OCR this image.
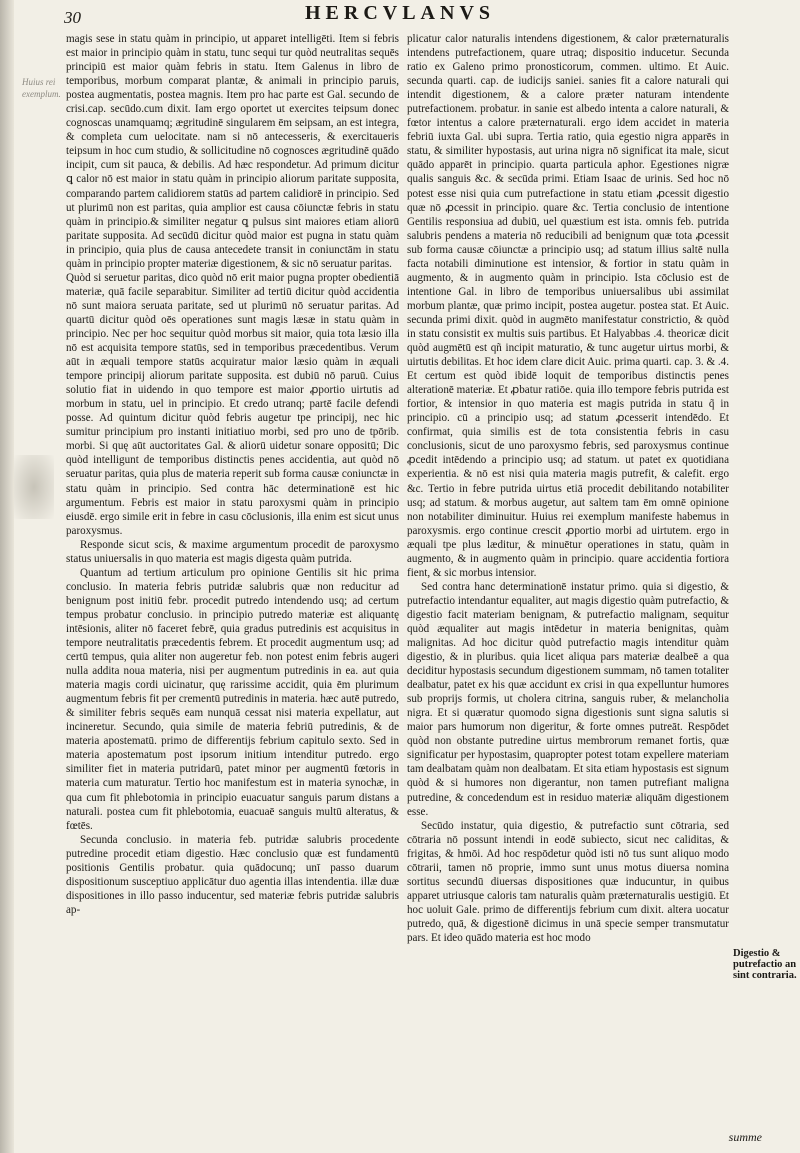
30	HERCVLANVS
Huius rei exemplum.

magis sese in statu quàm in principio, ut apparet intelligēti. Item si febris est maior in principio quàm in statu, tunc sequi tur quòd neutralitas sequēs principiū est maior quàm febris in statu. Item Galenus in libro de temporibus, morbum comparat plantæ, & animali in principio paruis, postea augmentatis, postea magnis. Item pro hac parte est Gal. secundo de crisi.cap. secūdo.cum dixit. Iam ergo oportet ut exercites teipsum donec cognoscas unamquamq; ægritudinē singularem ēm seipsam, an est integra, & completa cum uelocitate. nam si nō antecesseris, & exercitaueris teipsum in hoc cum studio, & sollicitudine nō cognosces ægritudinē quādo incipit, cum sit pauca, & debilis. Ad hæc respondetur. Ad primum dicitur ꝗ calor nō est maior in statu quàm in principio aliorum paritate supposita, comparando partem calidiorem statūs ad partem calidiorē in principio. Sed ut plurimū non est paritas, quia amplior est causa cōiunctæ febris in statu quàm in principio.& similiter negatur ꝗ pulsus sint maiores etiam aliorū paritate supposita. Ad secūdū dicitur quòd maior est pugna in statu quàm in principio, quia plus de causa antecedete transit in coniunctām in statu quàm in principio propter materiæ digestionem, & sic nō seruatur paritas.

Quòd si seruetur paritas, dico quòd nō erit maior pugna propter obedientiā materiæ, quā facile separabitur. Similiter ad tertiū dicitur quòd accidentia nō sunt maiora seruata paritate, sed ut plurimū nō seruatur paritas. Ad quartū dicitur quòd oēs operationes sunt magis læsæ in statu quàm in principio. Nec per hoc sequitur quòd morbus sit maior, quia tota læsio illa nō est acquisita tempore statūs, sed in temporibus præcedentibus. Verum aūt in æquali tempore statūs acquiratur maior læsio quàm in æquali tempore principij aliorum paritate supposita. est dubiū nō paruū. Cuius solutio fiat in uidendo in quo tempore est maior ꝓportio uirtutis ad morbum in statu, uel in principio. Et credo utranq; partē facile defendi posse. Ad quintum dicitur quòd febris augetur tpe principij, nec hic sumitur principium pro instanti initiatiuo morbi, sed pro uno de tpōrib. morbi. Si quę aūt auctoritates Gal. & aliorū uidetur sonare oppositū; Dic quòd intelligunt de temporibus distinctis penes accidentia, aut quòd nō seruatur paritas, quia plus de materia reperit sub forma causæ coniunctæ in statu quàm in principio. Sed contra hāc determinationē est hic argumentum. Febris est maior in statu paroxysmi quàm in principio eiusdē. ergo simile erit in febre in casu cōclusionis, illa enim est sicut unus paroxysmus.

Responde sicut scis, & maxime argumentum procedit de paroxysmo status uniuersalis in quo materia est magis digesta quàm putrida.

Quantum ad tertium articulum pro opinione Gentilis sit hic prima conclusio. In materia febris putridæ salubris quæ non reducitur ad benignum post initiū febr. procedit putredo intendendo usq; ad certum tempus probatur conclusio. in principio putredo materiæ est aliquantę intēsionis, aliter nō faceret febrē, quia gradus putredinis est acquisitus in tempore neutralitatis præcedentis febrem. Et procedit augmentum usq; ad certū tempus, quia aliter non augeretur feb. non potest enim febris augeri nulla addita noua materia, nisi per augmentum putredinis in ea. aut quia materia magis cordi uicinatur, quę rarissime accidit, quia ēm plurimum augmentum febris fit per crementū putredinis in materia. hæc autē putredo, & similiter febris sequēs eam nunquā cessat nisi materia expellatur, aut incineretur. Secundo, quia simile de materia febriū putredinis, & de materia apostematū. primo de differentijs febrium capitulo sexto. Sed in materia apostematum post ipsorum initium intenditur putredo. ergo similiter fiet in materia putridarū, patet minor per augmentū fœtoris in materia cum maturatur. Tertio hoc manifestum est in materia synochæ, in qua cum fit phlebotomia in principio euacuatur sanguis parum distans a naturali. postea cum fit phlebotomia, euacuaē sanguis multū alteratus, & fœtēs.

Secunda conclusio. in materia feb. putridæ salubris procedente putredine procedit etiam digestio. Hæc conclusio quæ est fundamentū positionis Gentilis probatur. quia quādocunq; unī passo duarum dispositionum susceptiuo applicātur duo agentia illas intendentia. illæ duæ dispositiones in illo passo inducentur, sed materiæ febris putridæ salubris ap-

plicatur calor naturalis intendens digestionem, & calor præternaturalis intendens putrefactionem, quare utraq; dispositio inducetur. Secunda ratio ex Galeno primo pronosticorum, commen. ultimo. Et Auic. secunda quarti. cap. de iudicijs saniei. sanies fit a calore naturali qui intendit digestionem, & a calore præter naturam intendente putrefactionem. probatur. in sanie est albedo intenta a calore naturali, & fœtor intentus a calore præternaturali. ergo idem accidet in materia febriū iuxta Gal. ubi supra. Tertia ratio, quia egestio nigra apparēs in statu, & similiter hypostasis, aut urina nigra nō significat ita male, sicut quādo apparēt in principio. quarta particula aphor. Egestiones nigræ qualis sanguis &c. & secūda primi. Etiam Isaac de urinis. Sed hoc nō potest esse nisi quia cum putrefactione in statu etiam ꝓcessit digestio quæ nō ꝓcessit in principio. quare &c. Tertia conclusio de intentione Gentilis responsiua ad dubiū, uel quæstium est ista. omnis feb. putrida salubris pendens a materia nō reducibili ad benignum quæ tota ꝓcessit sub forma causæ cōiunctæ a principio usq; ad statum illius saltē nulla facta notabili diminutione est intensior, & fortior in statu quàm in augmento, & in augmento quàm in principio. Ista cōclusio est de intentione Gal. in libro de temporibus uniuersalibus ubi assimilat morbum plantæ, quæ primo incipit, postea augetur. postea stat. Et Auic. secunda primi dixit. quòd in augmēto manifestatur constrictio, & quòd in statu consistit ex multis suis partibus. Et Halyabbas .4. theoricæ dicit quòd augmētū est qñ incipit maturatio, & tunc augetur uirtus morbi, & uirtutis debilitas. Et hoc idem clare dicit Auic. prima quarti. cap. 3. & .4. Et certum est quòd ibidē loquit de temporibus distinctis penes alterationē materiæ. Et ꝓbatur ratiōe. quia illo tempore febris putrida est fortior, & intensior in quo materia est magis putrida in statu q̃ in principio. cū a principio usq; ad statum ꝓcesserit intendēdo. Et confirmat, quia similis est de tota consistentia febris in casu conclusionis, sicut de uno paroxysmo febris, sed paroxysmus continue ꝓcedit intēdendo a principio usq; ad statum. ut patet ex quotidiana experientia. & nō est nisi quia materia magis putrefit, & calefit. ergo &c. Tertio in febre putrida uirtus etiā procedit debilitando notabiliter usq; ad statum. & morbus augetur, aut saltem tam ēm omnē opinione non notabiliter diminuitur. Huius rei exemplum manifeste habemus in paroxysmis. ergo continue crescit ꝓportio morbi ad uirtutem. ergo in æquali tpe plus læditur, & minuētur operationes in statu, quàm in augmento, & in augmento quàm in principio. quare accidentia fortiora fient, & sic morbus intensior.

Sed contra hanc determinationē instatur primo. quia si digestio, & putrefactio intendantur equaliter, aut magis digestio quàm putrefactio, & digestio facit materiam benignam, & putrefactio malignam, sequitur quòd æqualiter aut magis intēdetur in materia benignitas, quàm malignitas. Ad hoc dicitur quòd putrefactio magis intenditur quàm digestio, & in pluribus. quia licet aliqua pars materiæ dealbeē a qua deciditur hypostasis secundum digestionem summam, nō tamen totaliter dealbatur, patet ex his quæ accidunt ex crisi in qua expelluntur humores sub proprijs formis, ut cholera citrina, sanguis ruber, & melancholia nigra. Et si quæratur quomodo signa digestionis sunt signa salutis si maior pars humorum non digeritur, & forte omnes putreāt. Respōdet quòd non obstante putredine uirtus membrorum remanet fortis, quæ significatur per hypostasim, quapropter potest totam expellere materiam tam dealbatam quàm non dealbatam. Et sita etiam hypostasis est signum quòd & si humores non digerantur, non tamen putrefiant maligna putredine, & concedendum est in residuo materiæ aliquām digestionem esse.

Secūdo instatur, quia digestio, & putrefactio sunt cōtraria, sed cōtraria nō possunt intendi in eodē subiecto, sicut nec caliditas, & frigitas, & hmōi. Ad hoc respōdetur quòd isti nō tus sunt aliquo modo cōtrarii, tamen nō proprie, immo sunt unus motus diuersa nomina sortitus secundū diuersas dispositiones quæ inducuntur, in quibus apparet utriusque caloris tam naturalis quàm præternaturalis uestigiū. Et hoc uoluit Gale. primo de differentijs febrium cum dixit. altera uocatur putredo, quā, & digestionē dicimus in unā specie semper transmutatur pars. Et ideo quādo materia est hoc modo

Digestio & putrefactio an sint contraria.
summe
